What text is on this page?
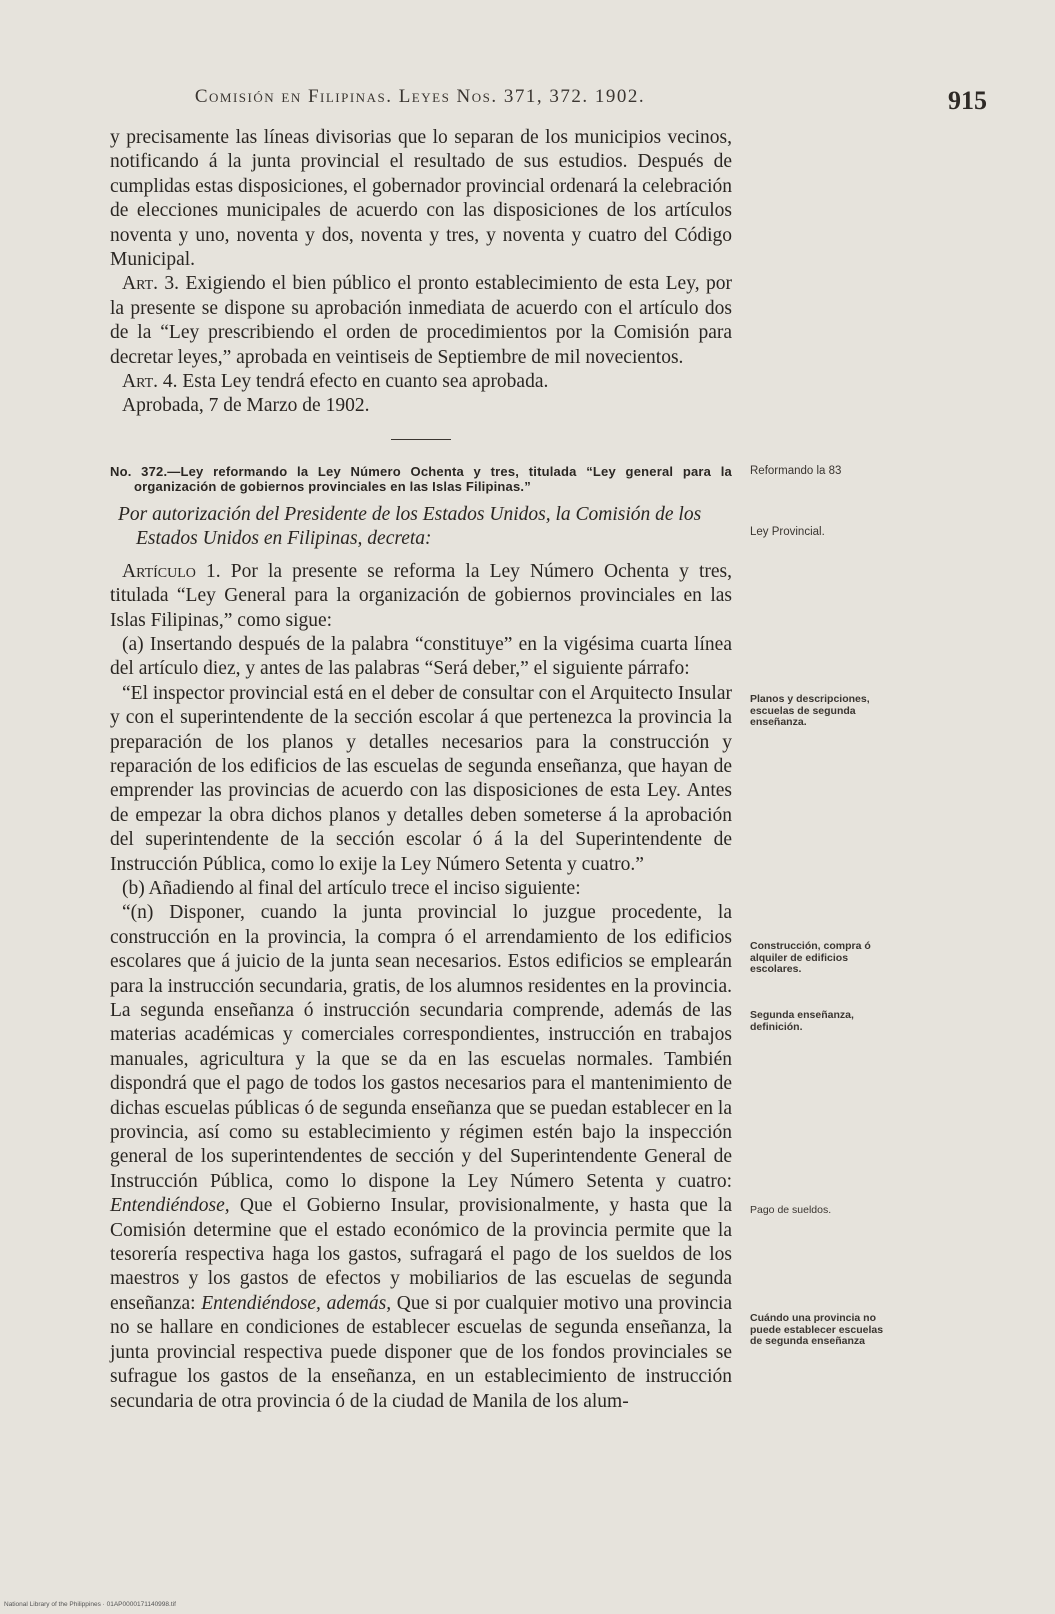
Comisión en Filipinas. Leyes Nos. 371, 372. 1902.	915

y precisamente las líneas divisorias que lo separan de los municipios vecinos, notificando á la junta provincial el resultado de sus estudios. Después de cumplidas estas disposiciones, el gobernador provincial ordenará la celebración de elecciones municipales de acuerdo con las disposiciones de los artículos noventa y uno, noventa y dos, noventa y tres, y noventa y cuatro del Código Municipal.

Art. 3. Exigiendo el bien público el pronto establecimiento de esta Ley, por la presente se dispone su aprobación inmediata de acuerdo con el artículo dos de la “Ley prescribiendo el orden de procedimientos por la Comisión para decretar leyes,” aprobada en veintiseis de Septiembre de mil novecientos.

Art. 4. Esta Ley tendrá efecto en cuanto sea aprobada.

Aprobada, 7 de Marzo de 1902.

No. 372.—Ley reformando la Ley Número Ochenta y tres, titulada “Ley general para la organización de gobiernos provinciales en las Islas Filipinas.”

Por autorización del Presidente de los Estados Unidos, la Comisión de los Estados Unidos en Filipinas, decreta:

Artículo 1. Por la presente se reforma la Ley Número Ochenta y tres, titulada “Ley General para la organización de gobiernos provinciales en las Islas Filipinas,” como sigue:

(a) Insertando después de la palabra “constituye” en la vigésima cuarta línea del artículo diez, y antes de las palabras “Será deber,” el siguiente párrafo:

“El inspector provincial está en el deber de consultar con el Arquitecto Insular y con el superintendente de la sección escolar á que pertenezca la provincia la preparación de los planos y detalles necesarios para la construcción y reparación de los edificios de las escuelas de segunda enseñanza, que hayan de emprender las provincias de acuerdo con las disposiciones de esta Ley. Antes de empezar la obra dichos planos y detalles deben someterse á la aprobación del superintendente de la sección escolar ó á la del Superintendente de Instrucción Pública, como lo exije la Ley Número Setenta y cuatro.”

(b) Añadiendo al final del artículo trece el inciso siguiente:

“(n) Disponer, cuando la junta provincial lo juzgue procedente, la construcción en la provincia, la compra ó el arrendamiento de los edificios escolares que á juicio de la junta sean necesarios. Estos edificios se emplearán para la instrucción secundaria, gratis, de los alumnos residentes en la provincia. La segunda enseñanza ó instrucción secundaria comprende, además de las materias académicas y comerciales correspondientes, instrucción en trabajos manuales, agricultura y la que se da en las escuelas normales. También dispondrá que el pago de todos los gastos necesarios para el mantenimiento de dichas escuelas públicas ó de segunda enseñanza que se puedan establecer en la provincia, así como su establecimiento y régimen estén bajo la inspección general de los superintendentes de sección y del Superintendente General de Instrucción Pública, como lo dispone la Ley Número Setenta y cuatro: Entendiéndose, Que el Gobierno Insular, provisionalmente, y hasta que la Comisión determine que el estado económico de la provincia permite que la tesorería respectiva haga los gastos, sufragará el pago de los sueldos de los maestros y los gastos de efectos y mobiliarios de las escuelas de segunda enseñanza: Entendiéndose, además, Que si por cualquier motivo una provincia no se hallare en condiciones de establecer escuelas de segunda enseñanza, la junta provincial respectiva puede disponer que de los fondos provinciales se sufrague los gastos de la enseñanza, en un establecimiento de instrucción secundaria de otra provincia ó de la ciudad de Manila de los alum-

Reformando la 83
Ley Provincial.
Planos y descripciones, escuelas de segunda enseñanza.
Construcción, compra ó alquiler de edificios escolares.
Segunda enseñanza, definición.
Pago de sueldos.
Cuándo una provincia no puede establecer escuelas de segunda enseñanza
National Library of the Philippines · 01AP0000171140998.tif
